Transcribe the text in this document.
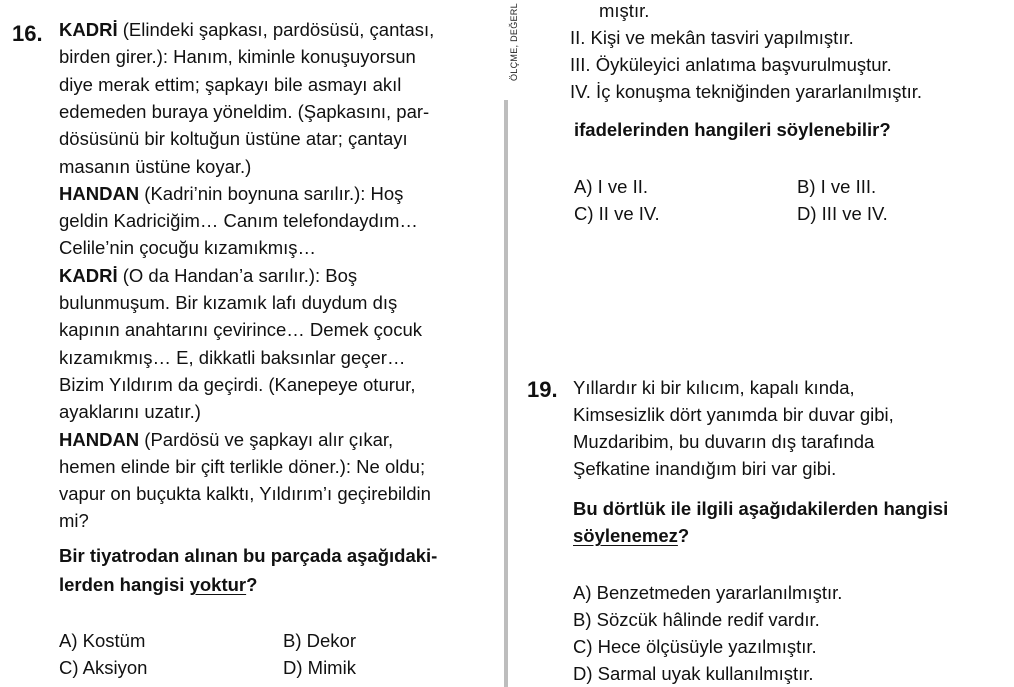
16. KADRİ (Elindeki şapkası, pardösüsü, çantası,
birden girer.): Hanım, kiminle konuşuyorsun
diye merak ettim; şapkayı bile asmayı akıl
edemeden buraya yöneldim. (Şapkasını, par-
dösüsünü bir koltuğun üstüne atar; çantayı
masanın üstüne koyar.)
HANDAN (Kadri’nin boynuna sarılır.): Hoş
geldin Kadriciğim… Canım telefondaydım…
Celile’nin çocuğu kızamıkmış…
KADRİ (O da Handan’a sarılır.): Boş
bulunmuşum. Bir kızamık lafı duydum dış
kapının anahtarını çevirince… Demek çocuk
kızamıkmış… E, dikkatli baksınlar geçer…
Bizim Yıldırım da geçirdi. (Kanepeye oturur,
ayaklarını uzatır.)
HANDAN (Pardösü ve şapkayı alır çıkar,
hemen elinde bir çift terlikle döner.): Ne oldu;
vapur on buçukta kalktı, Yıldırım’ı geçirebildin
mi?
Bir tiyatrodan alınan bu parçada aşağıdaki-
lerden hangisi yoktur?
A) Kostüm	B) Dekor
C) Aksiyon	D) Mimik
ÖLÇME, DEĞERL	mıştır.
II. Kişi ve mekân tasviri yapılmıştır.
III. Öyküleyici anlatıma başvurulmuştur.
IV. İç konuşma tekniğinden yararlanılmıştır.
ifadelerinden hangileri söylenebilir?
A) I ve II.	B) I ve III.
C) II ve IV.	D) III ve IV.
19. Yıllardır ki bir kılıcım, kapalı kında,
Kimsesizlik dört yanımda bir duvar gibi,
Muzdaribim, bu duvarın dış tarafında
Şefkatine inandığım biri var gibi.
Bu dörtlük ile ilgili aşağıdakilerden hangisi
söylenemez?
A) Benzetmeden yararlanılmıştır.
B) Sözcük hâlinde redif vardır.
C) Hece ölçüsüyle yazılmıştır.
D) Sarmal uyak kullanılmıştır.
